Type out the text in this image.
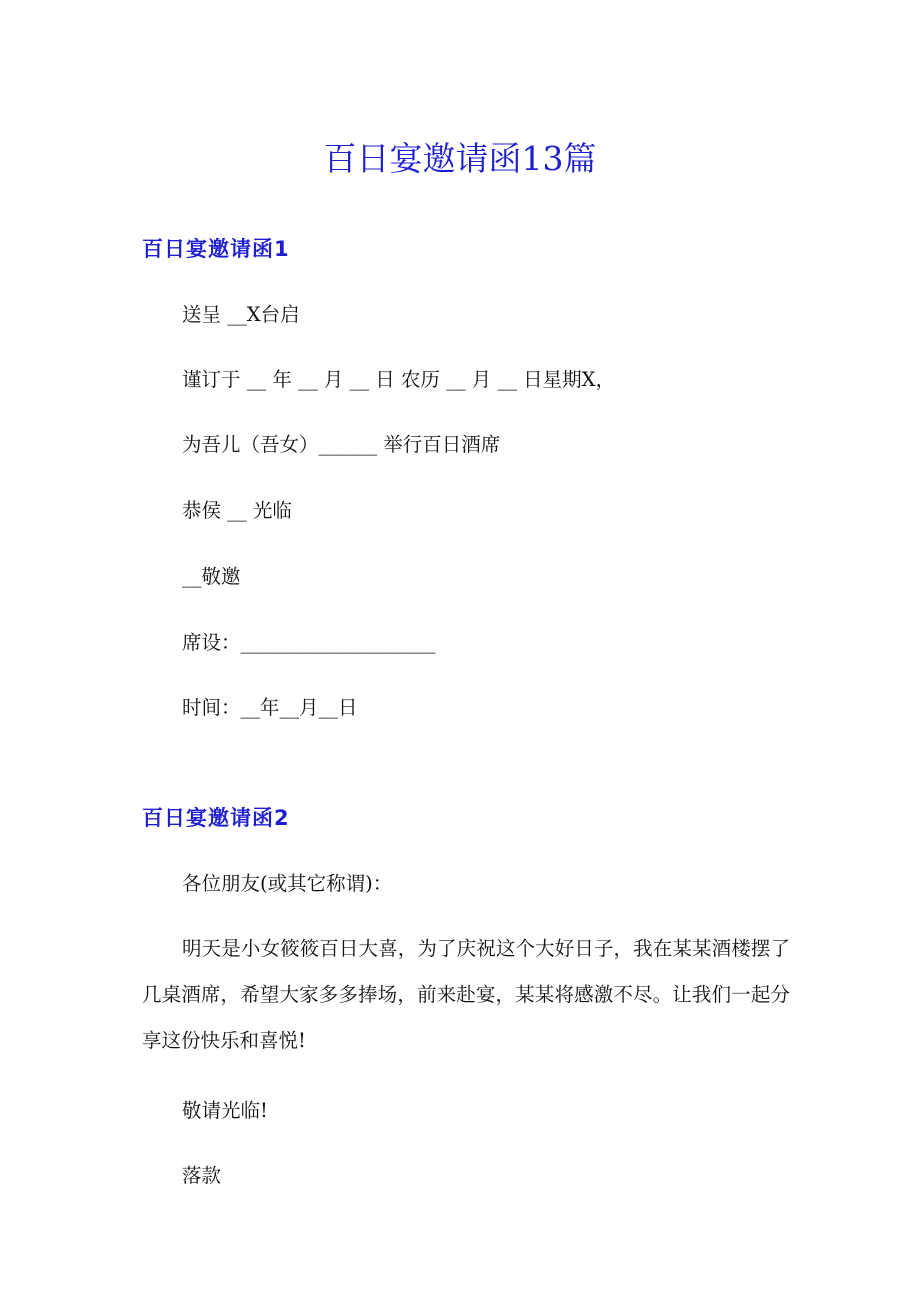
百日宴邀请函13篇
百日宴邀请函1
送呈 __X台启
谨订于 __ 年 __ 月 __ 日 农历 __ 月 __ 日星期X，
为吾儿（吾女）______ 举行百日酒席
恭侯 __ 光临
__敬邀
席设：____________________
时间：__年__月__日
百日宴邀请函2
各位朋友(或其它称谓)：
明天是小女筱筱百日大喜，为了庆祝这个大好日子，我在某某酒楼摆了几桌酒席，希望大家多多捧场，前来赴宴，某某将感激不尽。让我们一起分享这份快乐和喜悦!
敬请光临!
落款
